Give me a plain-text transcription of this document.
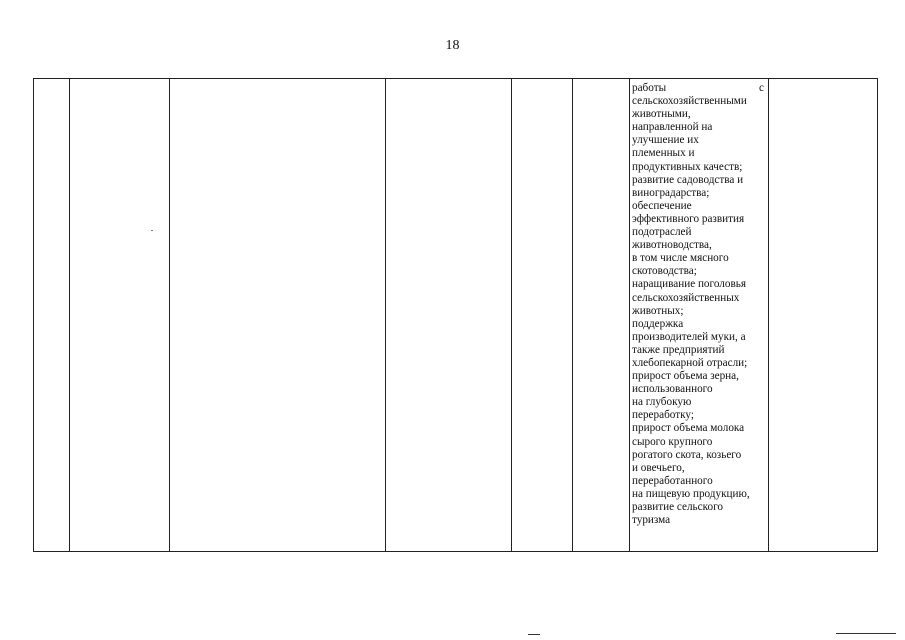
18
работы	с
сельскохозяйственными
животными,
направленной на
улучшение их
племенных и
продуктивных качеств;
развитие садоводства и
виноградарства;
обеспечение
эффективного развития
подотраслей
животноводства,
в том числе мясного
скотоводства;
наращивание поголовья
сельскохозяйственных
животных;
поддержка
производителей муки, а
также предприятий
хлебопекарной отрасли;
прирост объема зерна,
использованного
на глубокую
переработку;
прирост объема молока
сырого крупного
рогатого скота, козьего
и овечьего,
переработанного
на пищевую продукцию,
развитие сельского
туризма
